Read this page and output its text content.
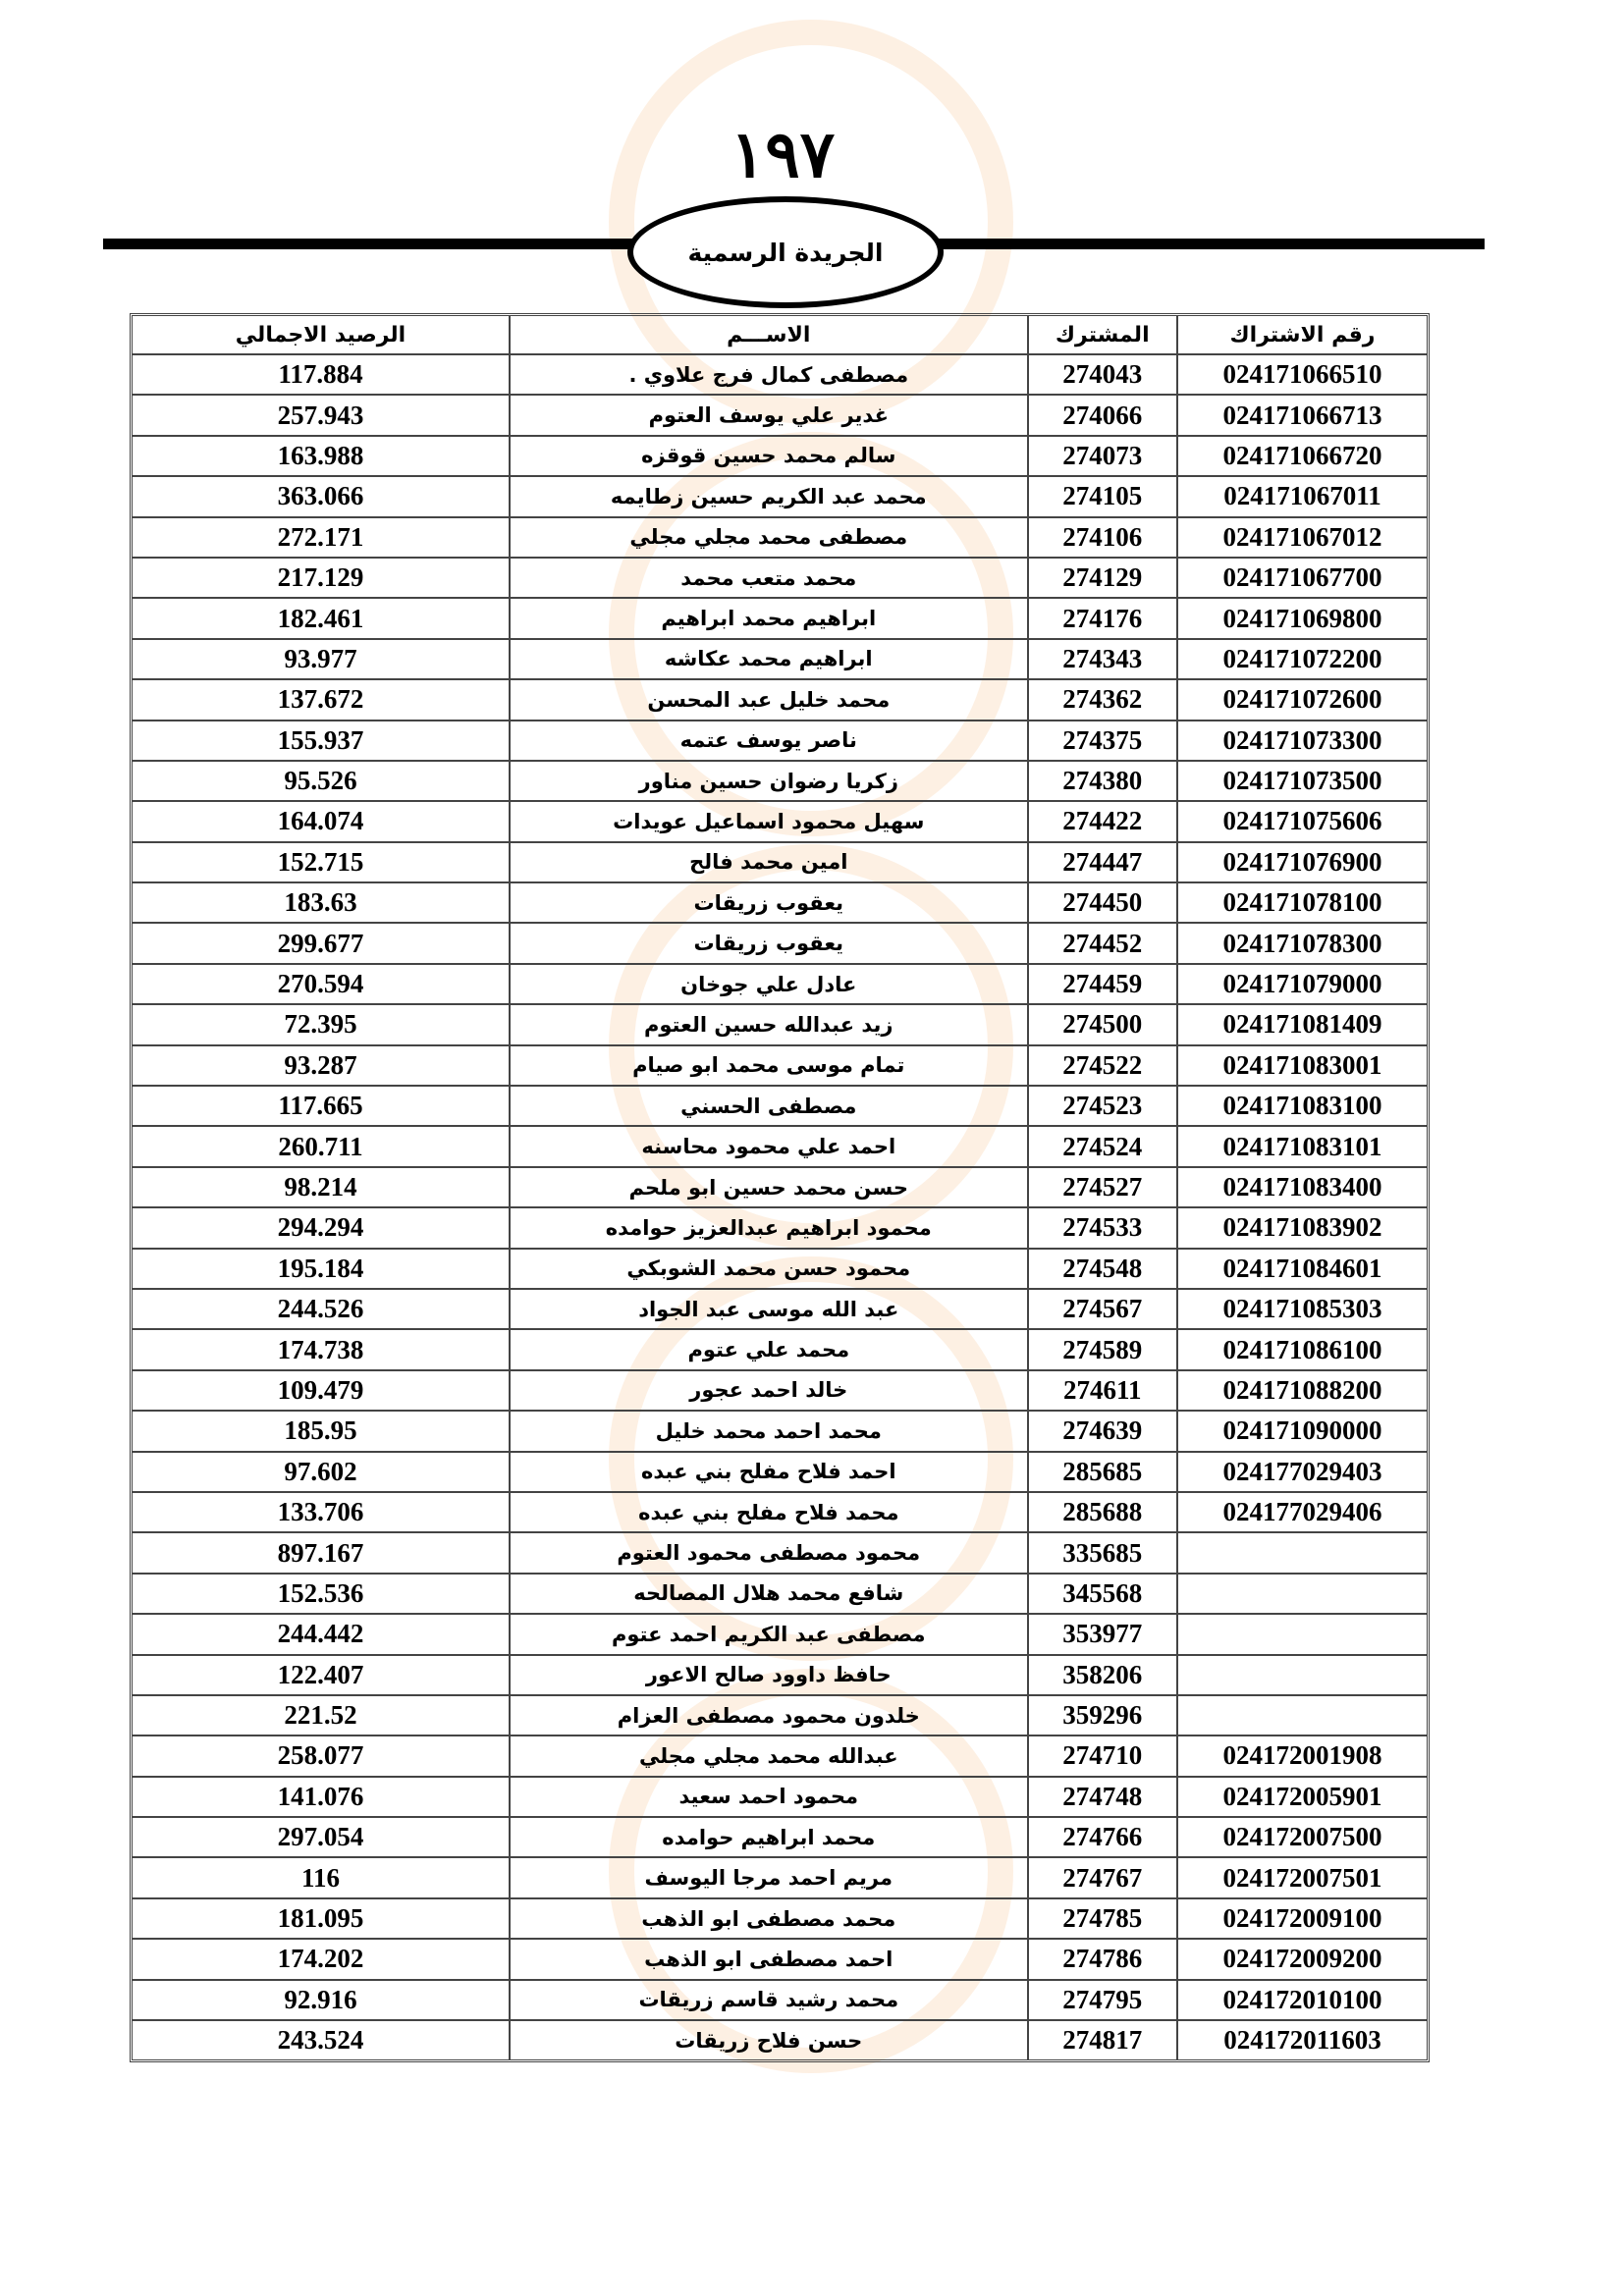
١٩٧
الجريدة الرسمية
رقم الاشتراك	المشترك	الاســـم	الرصيد الاجمالي
024171066510	274043	مصطفى كمال فرج علاوي .	117.884
024171066713	274066	غدير علي يوسف العتوم	257.943
024171066720	274073	سالم محمد حسين قوقزه	163.988
024171067011	274105	محمد عبد الكريم حسين زطايمه	363.066
024171067012	274106	مصطفى محمد مجلي مجلي	272.171
024171067700	274129	محمد متعب محمد	217.129
024171069800	274176	ابراهيم محمد ابراهيم	182.461
024171072200	274343	ابراهيم محمد عكاشه	93.977
024171072600	274362	محمد خليل عبد المحسن	137.672
024171073300	274375	ناصر يوسف عتمه	155.937
024171073500	274380	زكريا رضوان حسين مناور	95.526
024171075606	274422	سهيل محمود اسماعيل عويدات	164.074
024171076900	274447	امين محمد فالح	152.715
024171078100	274450	يعقوب زريقات	183.63
024171078300	274452	يعقوب زريقات	299.677
024171079000	274459	عادل علي جوخان	270.594
024171081409	274500	زيد عبدالله حسين العتوم	72.395
024171083001	274522	تمام موسى محمد ابو صيام	93.287
024171083100	274523	مصطفى الحسني	117.665
024171083101	274524	احمد علي محمود محاسنه	260.711
024171083400	274527	حسن محمد حسين ابو ملحم	98.214
024171083902	274533	محمود ابراهيم عبدالعزيز حوامده	294.294
024171084601	274548	محمود حسن محمد الشوبكي	195.184
024171085303	274567	عبد الله موسى عبد الجواد	244.526
024171086100	274589	محمد علي عتوم	174.738
024171088200	274611	خالد احمد عجور	109.479
024171090000	274639	محمد احمد محمد خليل	185.95
024177029403	285685	احمد فلاح مفلح بني عبده	97.602
024177029406	285688	محمد فلاح مفلح بني عبده	133.706
	335685	محمود مصطفى محمود العتوم	897.167
	345568	شافع محمد هلال المصالحه	152.536
	353977	مصطفى عبد الكريم احمد عتوم	244.442
	358206	حافظ داوود صالح الاعور	122.407
	359296	خلدون محمود مصطفى العزام	221.52
024172001908	274710	عبدالله محمد مجلي مجلي	258.077
024172005901	274748	محمود احمد سعيد	141.076
024172007500	274766	محمد ابراهيم حوامده	297.054
024172007501	274767	مريم احمد مرجا اليوسف	116
024172009100	274785	محمد مصطفى ابو الذهب	181.095
024172009200	274786	احمد مصطفى ابو الذهب	174.202
024172010100	274795	محمد رشيد قاسم زريقات	92.916
024172011603	274817	حسن فلاح زريقات	243.524
